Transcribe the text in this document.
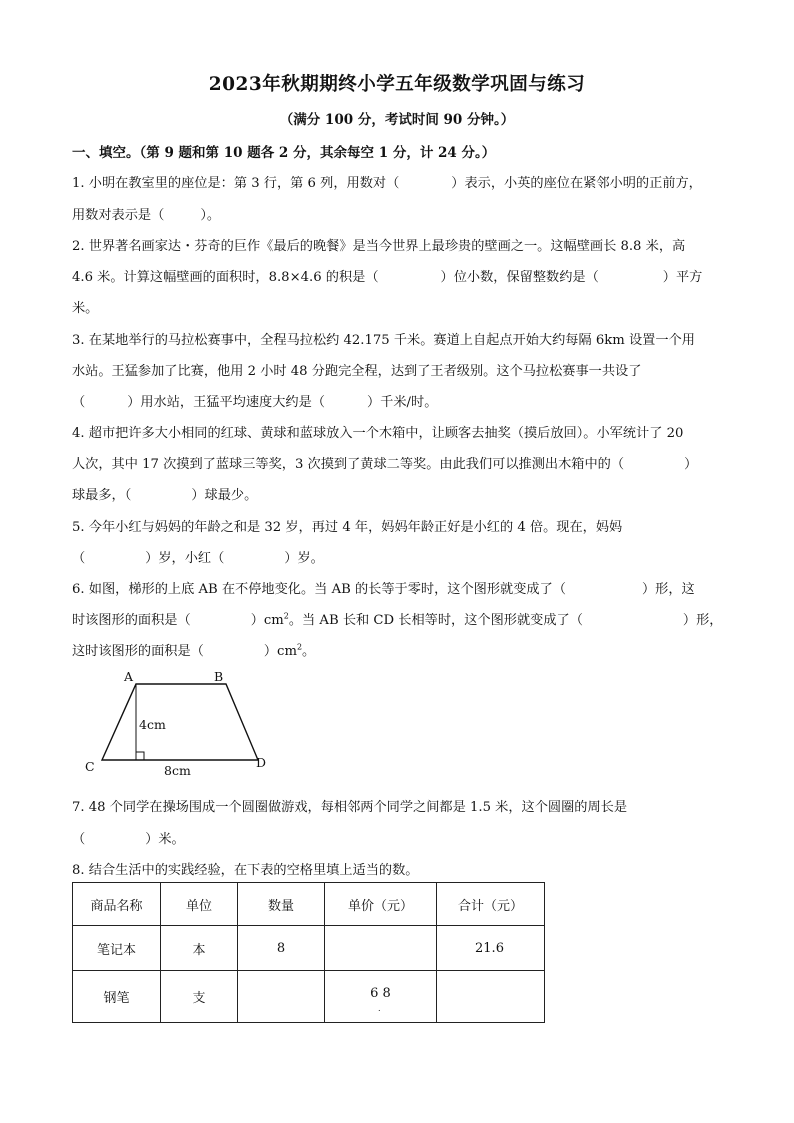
2023年秋期期终小学五年级数学巩固与练习
（满分 100 分，考试时间 90 分钟。）
一、填空。（第 9 题和第 10 题各 2 分，其余每空 1 分，计 24 分。）
1. 小明在教室里的座位是：第 3 行，第 6 列，用数对（	）表示，小英的座位在紧邻小明的正前方，
用数对表示是（	）。
2. 世界著名画家达・芬奇的巨作《最后的晚餐》是当今世界上最珍贵的壁画之一。这幅壁画长 8.8 米，高
4.6 米。计算这幅壁画的面积时，8.8×4.6 的积是（	）位小数，保留整数约是（	）平方
米。
3. 在某地举行的马拉松赛事中，全程马拉松约 42.175 千米。赛道上自起点开始大约每隔 6km 设置一个用
水站。王猛参加了比赛，他用 2 小时 48 分跑完全程，达到了王者级别。这个马拉松赛事一共设了
（	）用水站，王猛平均速度大约是（	）千米/时。
4. 超市把许多大小相同的红球、黄球和蓝球放入一个木箱中，让顾客去抽奖（摸后放回）。小军统计了 20
人次，其中 17 次摸到了蓝球三等奖，3 次摸到了黄球二等奖。由此我们可以推测出木箱中的（	）
球最多，（	）球最少。
5. 今年小红与妈妈的年龄之和是 32 岁，再过 4 年，妈妈年龄正好是小红的 4 倍。现在，妈妈
（	）岁，小红（	）岁。
6. 如图，梯形的上底 AB 在不停地变化。当 AB 的长等于零时，这个图形就变成了（	）形，这
时该图形的面积是（	）$cm^2$。当 AB 长和 CD 长相等时，这个图形就变成了（	）形，
这时该图形的面积是（	）$cm^2$。
A	B
C	D
4cm
8cm
7. 48 个同学在操场围成一个圆圈做游戏，每相邻两个同学之间都是 1.5 米，这个圆圈的周长是
（	）米。
8. 结合生活中的实践经验，在下表的空格里填上适当的数。
商品名称	单位	数量	单价（元）	合计（元）
笔记本	本	8		21.6
钢笔	支		6 8
.	
